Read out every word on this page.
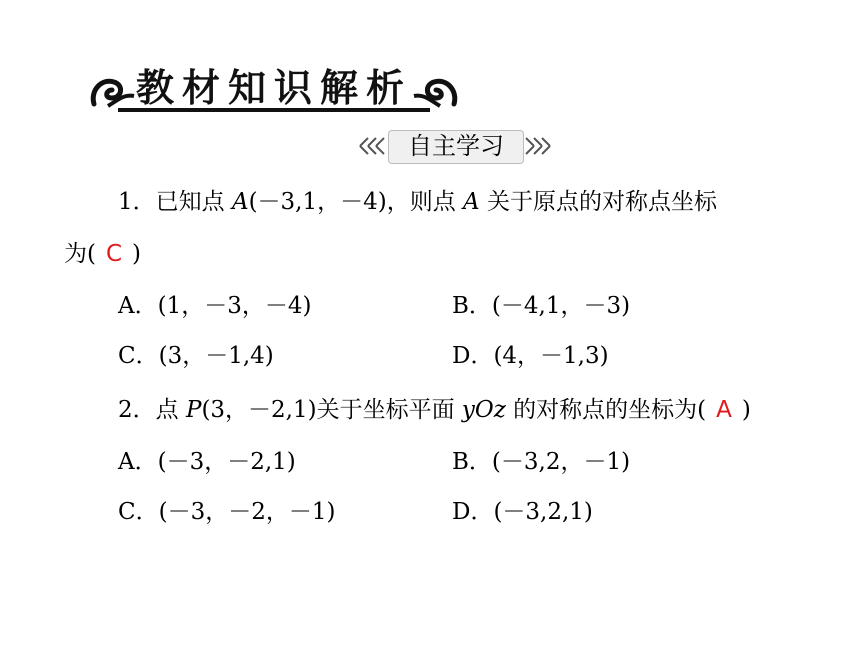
教材知识解析
自主学习
1．已知点 A(－3,1，－4)，则点 A 关于原点的对称点坐标
为( C )
A．(1，－3，－4)	B．(－4,1，－3)
C．(3，－1,4)	D．(4，－1,3)
2．点 P(3，－2,1)关于坐标平面 yOz 的对称点的坐标为( A )
A．(－3，－2,1)	B．(－3,2，－1)
C．(－3，－2，－1)	D．(－3,2,1)
